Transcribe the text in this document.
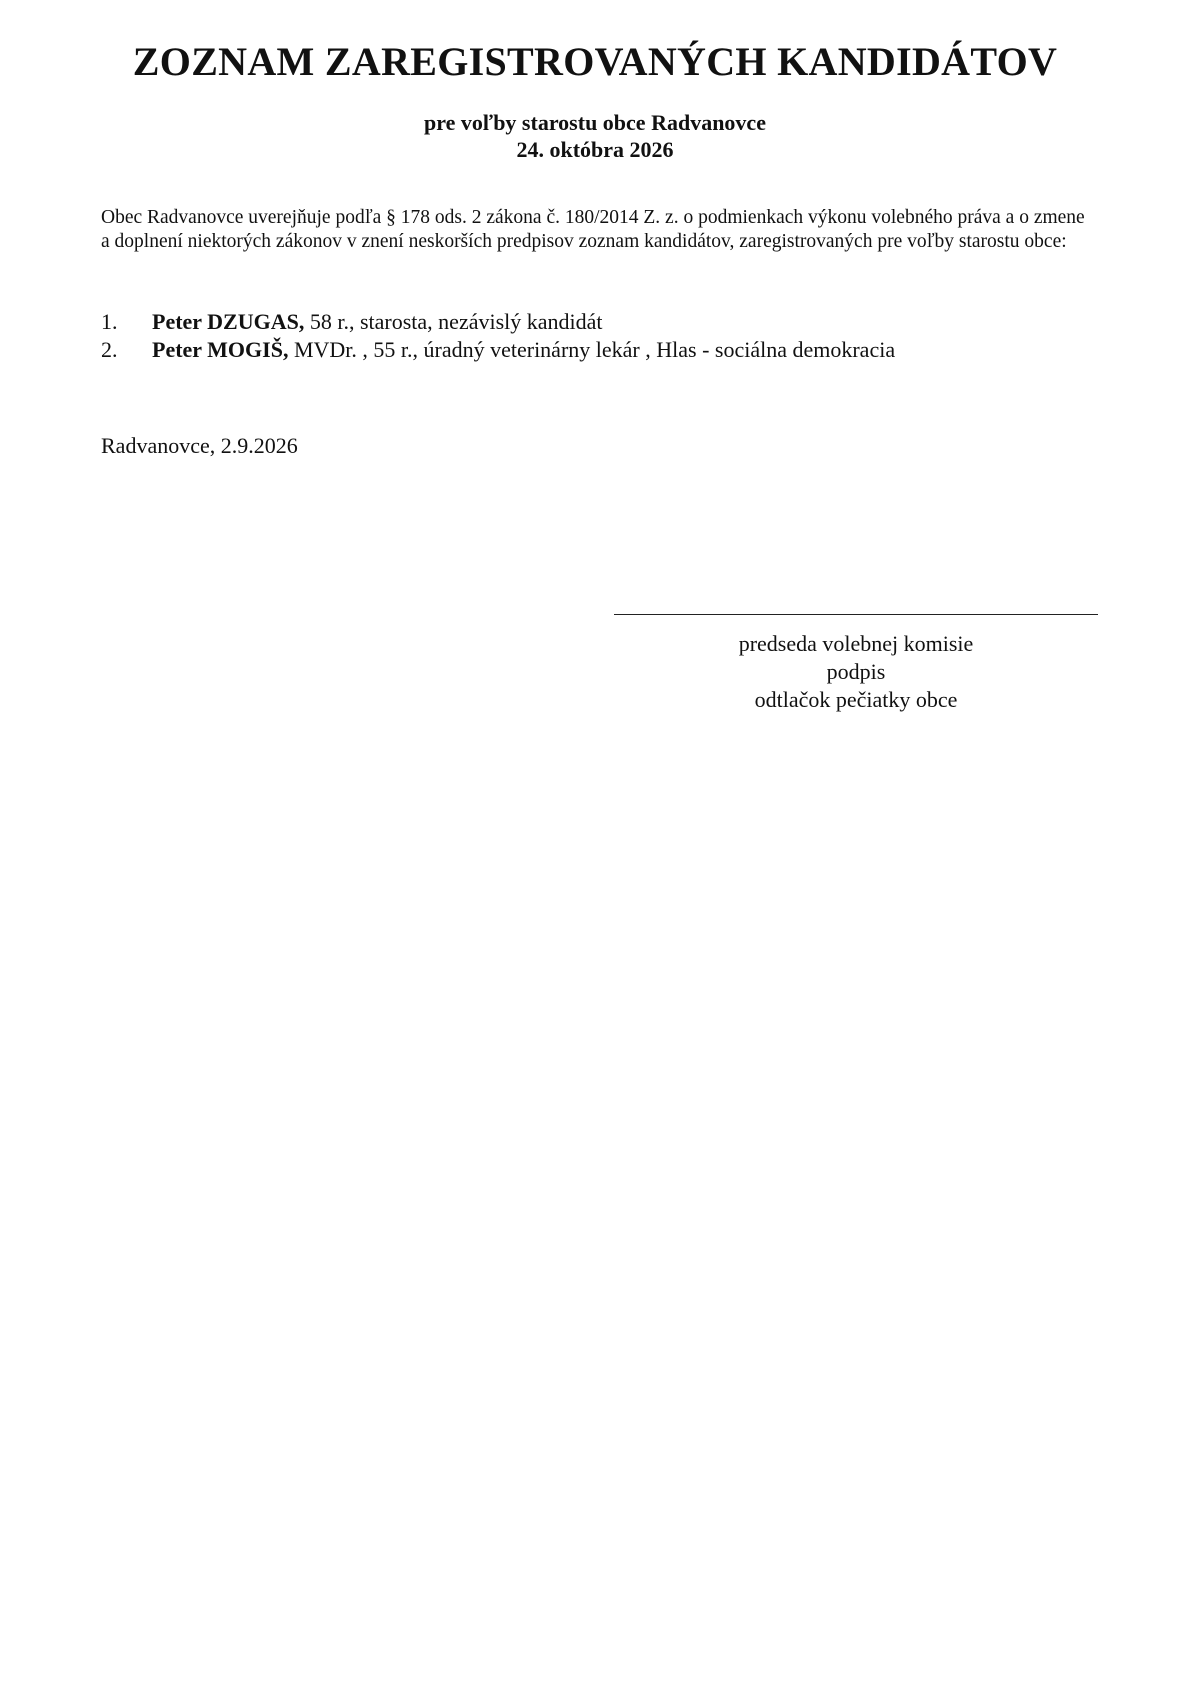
ZOZNAM ZAREGISTROVANÝCH KANDIDÁTOV
pre voľby starostu obce Radvanovce
24. októbra 2026

Obec Radvanovce uverejňuje podľa § 178 ods. 2 zákona č. 180/2014 Z. z. o podmienkach výkonu volebného práva a o zmene a doplnení niektorých zákonov v znení neskorších predpisov zoznam kandidátov, zaregistrovaných pre voľby starostu obce:

1.	Peter DZUGAS, 58 r., starosta, nezávislý kandidát
2.	Peter MOGIŠ, MVDr. , 55 r., úradný veterinárny lekár , Hlas - sociálna demokracia
Radvanovce, 2.9.2026
predseda volebnej komisie
podpis
odtlačok pečiatky obce
